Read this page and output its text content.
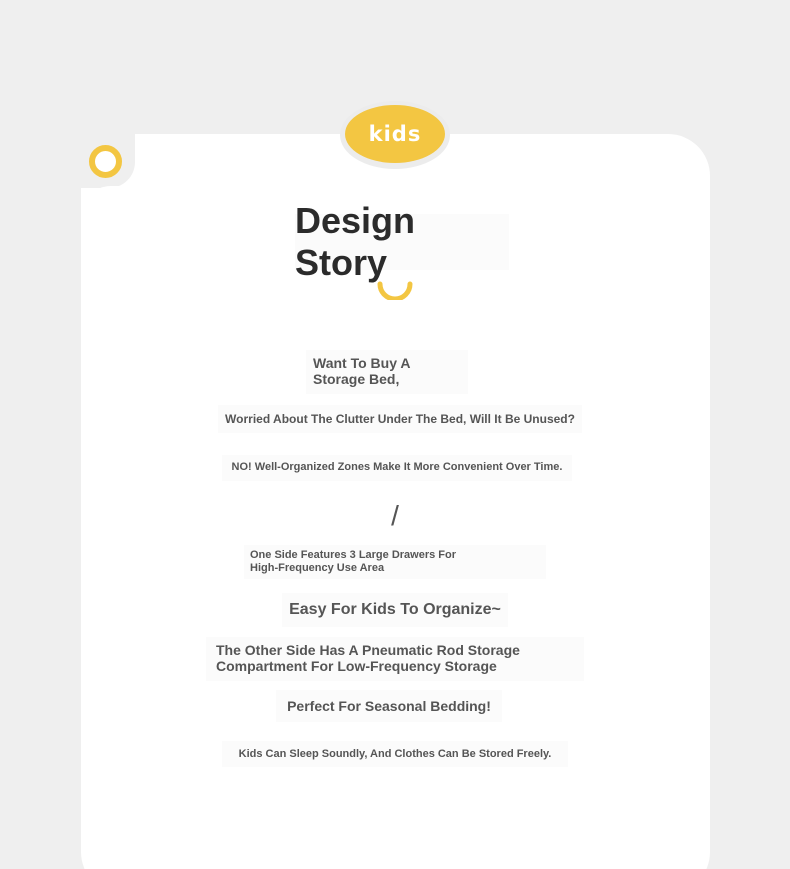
kids
Design Story
Want To Buy A
Storage Bed,
Worried About The Clutter Under The Bed, Will It Be Unused?
NO! Well-Organized Zones Make It More Convenient Over Time.
/
One Side Features 3 Large Drawers For
High-Frequency Use Area
Easy For Kids To Organize~
The Other Side Has A Pneumatic Rod Storage
Compartment For Low-Frequency Storage
Perfect For Seasonal Bedding!
Kids Can Sleep Soundly, And Clothes Can Be Stored Freely.
